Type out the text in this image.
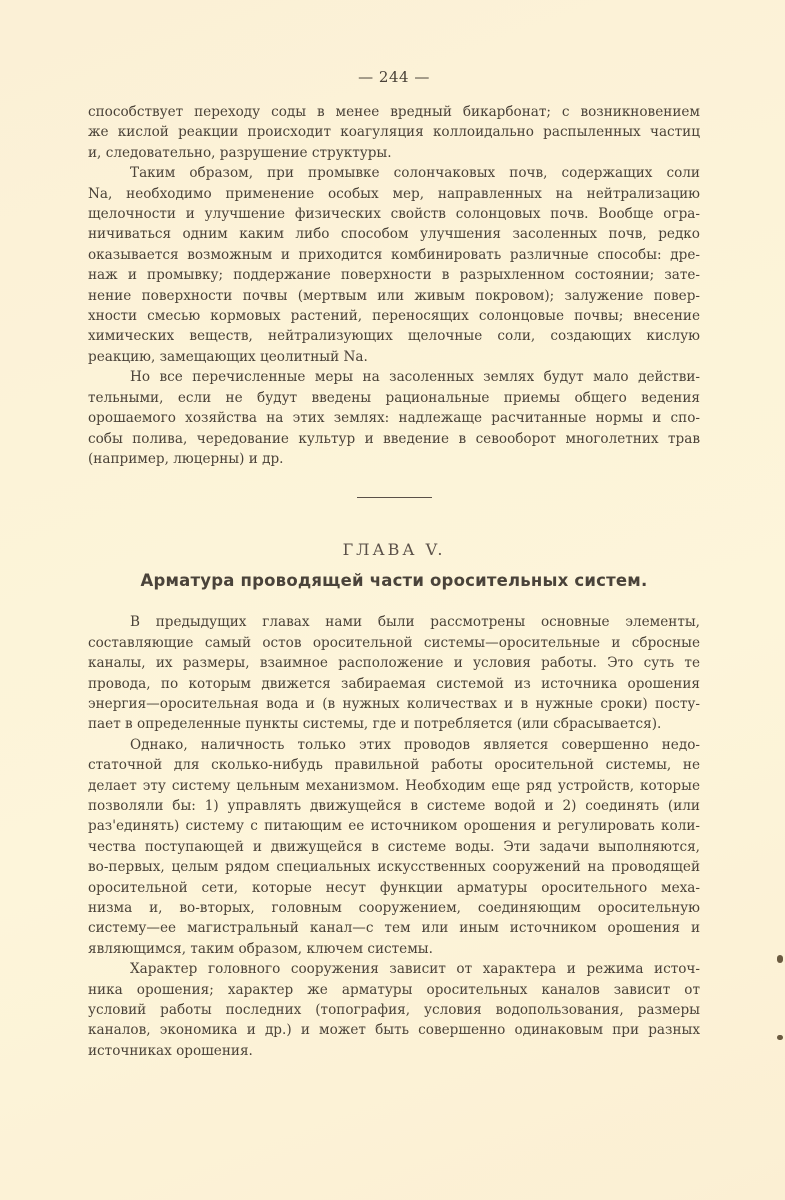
— 244 —

способствует переходу соды в менее вредный бикарбонат; с возникновением
же кислой реакции происходит коагуляция коллоидально распыленных частиц
и, следовательно, разрушение структуры.

Таким образом, при промывке солончаковых почв, содержащих соли
Na, необходимо применение особых мер, направленных на нейтрализацию
щелочности и улучшение физических свойств солонцовых почв. Вообще огра-
ничиваться одним каким либо способом улучшения засоленных почв, редко
оказывается возможным и приходится комбинировать различные способы: дре-
наж и промывку; поддержание поверхности в разрыхленном состоянии; зате-
нение поверхности почвы (мертвым или живым покровом); залужение повер-
хности смесью кормовых растений, переносящих солонцовые почвы; внесение
химических веществ, нейтрализующих щелочные соли, создающих кислую
реакцию, замещающих цеолитный Na.

Но все перечисленные меры на засоленных землях будут мало действи-
тельными, если не будут введены рациональные приемы общего ведения
орошаемого хозяйства на этих землях: надлежаще расчитанные нормы и спо-
собы полива, чередование культур и введение в севооборот многолетних трав
(например, люцерны) и др.

ГЛАВА V.
Арматура проводящей части оросительных систем.

В предыдущих главах нами были рассмотрены основные элементы,
составляющие самый остов оросительной системы—оросительные и сбросные
каналы, их размеры, взаимное расположение и условия работы. Это суть те
провода, по которым движется забираемая системой из источника орошения
энергия—оросительная вода и (в нужных количествах и в нужные сроки) посту-
пает в определенные пункты системы, где и потребляется (или сбрасывается).

Однако, наличность только этих проводов является совершенно недо-
статочной для сколько-нибудь правильной работы оросительной системы, не
делает эту систему цельным механизмом. Необходим еще ряд устройств, которые
позволяли бы: 1) управлять движущейся в системе водой и 2) соединять (или
раз'единять) систему с питающим ее источником орошения и регулировать коли-
чества поступающей и движущейся в системе воды. Эти задачи выполняются,
во-первых, целым рядом специальных искусственных сооружений на проводящей
оросительной сети, которые несут функции арматуры оросительного меха-
низма и, во-вторых, головным сооружением, соединяющим оросительную
систему—ее магистральный канал—с тем или иным источником орошения и
являющимся, таким образом, ключем системы.

Характер головного сооружения зависит от характера и режима источ-
ника орошения; характер же арматуры оросительных каналов зависит от
условий работы последних (топография, условия водопользования, размеры
каналов, экономика и др.) и может быть совершенно одинаковым при разных
источниках орошения.
